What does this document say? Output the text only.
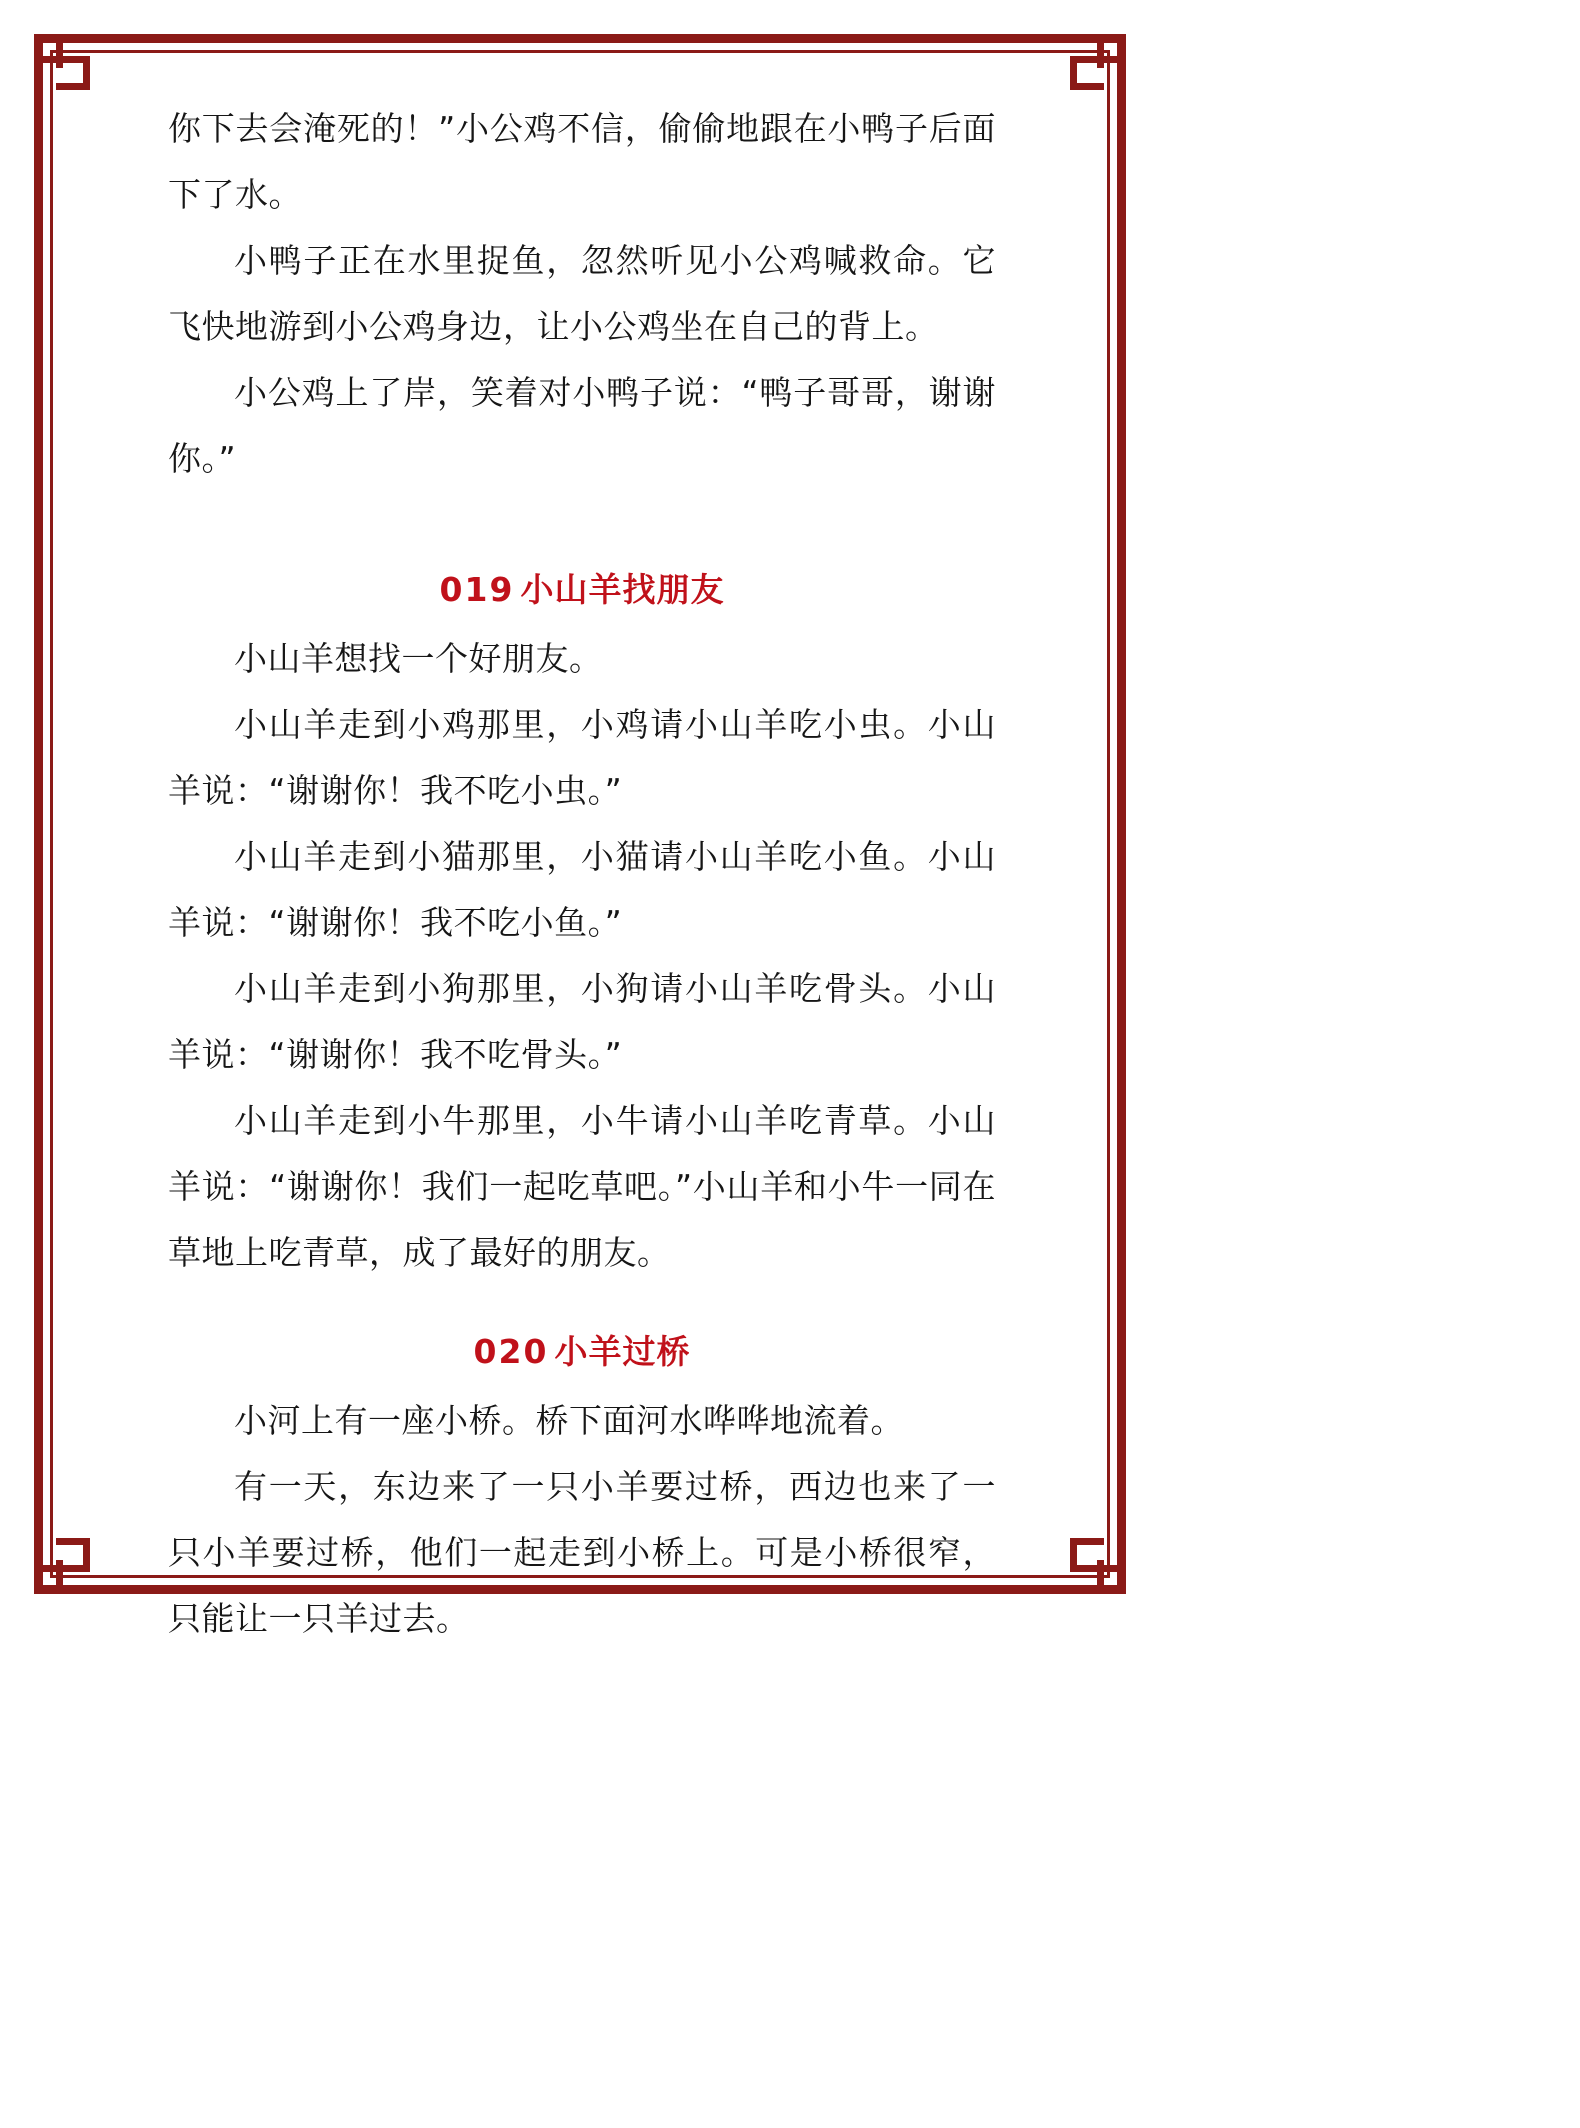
你下去会淹死的！”小公鸡不信，偷偷地跟在小鸭子后面下了水。

小鸭子正在水里捉鱼，忽然听见小公鸡喊救命。它飞快地游到小公鸡身边，让小公鸡坐在自己的背上。

小公鸡上了岸，笑着对小鸭子说：“鸭子哥哥，谢谢你。”

019 小山羊找朋友

小山羊想找一个好朋友。

小山羊走到小鸡那里，小鸡请小山羊吃小虫。小山羊说：“谢谢你！我不吃小虫。”

小山羊走到小猫那里，小猫请小山羊吃小鱼。小山羊说：“谢谢你！我不吃小鱼。”

小山羊走到小狗那里，小狗请小山羊吃骨头。小山羊说：“谢谢你！我不吃骨头。”

小山羊走到小牛那里，小牛请小山羊吃青草。小山羊说：“谢谢你！我们一起吃草吧。”小山羊和小牛一同在草地上吃青草，成了最好的朋友。

020 小羊过桥

小河上有一座小桥。桥下面河水哗哗地流着。

有一天，东边来了一只小羊要过桥，西边也来了一只小羊要过桥，他们一起走到小桥上。可是小桥很窄，只能让一只羊过去。
